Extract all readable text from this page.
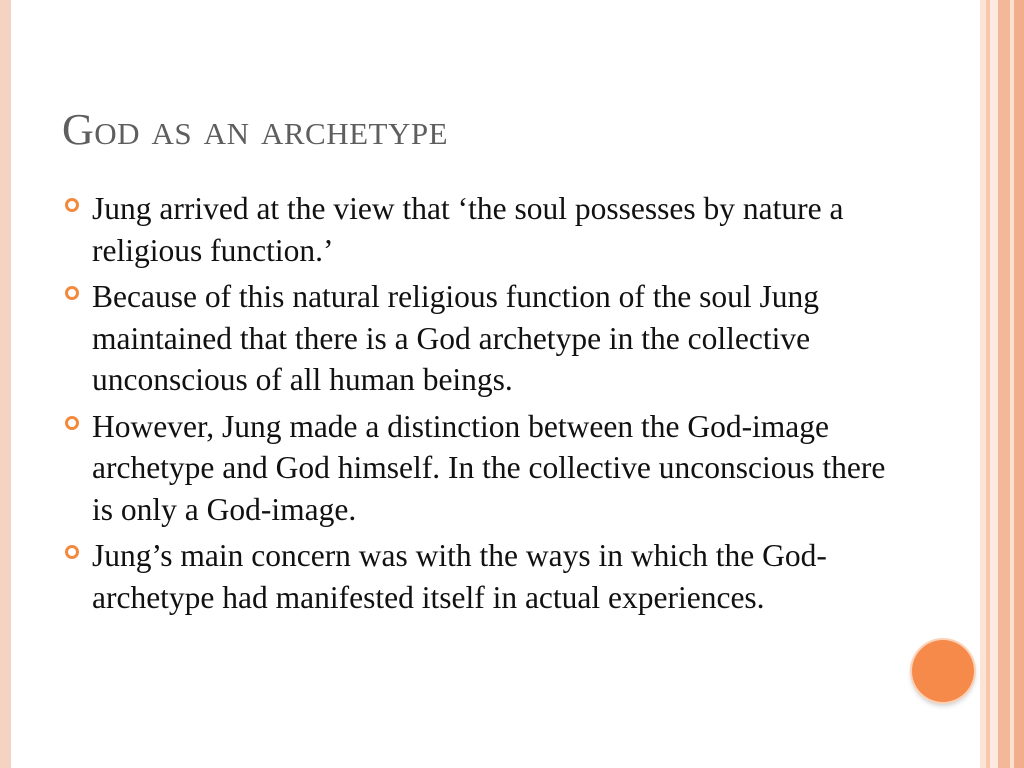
God as an archetype
Jung arrived at the view that ‘the soul possesses by nature a religious function.’
Because of this natural religious function of the soul Jung maintained that there is a God archetype in the collective unconscious of all human beings.
However, Jung made a distinction between the God-image archetype and God himself. In the collective unconscious there is only a God-image.
Jung’s main concern was with the ways in which the God-archetype had manifested itself in actual experiences.
